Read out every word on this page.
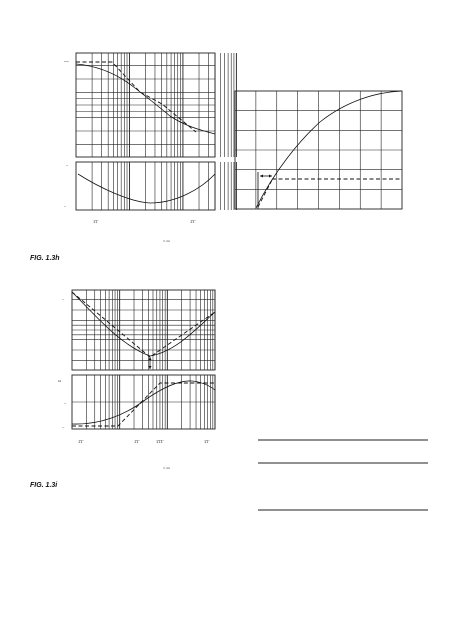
ــــ
–
–
1̅1̅	1̅1̅
= ω
FIG. 1.3h
–
ω
–
–
1̅1̅	1̅1̅	1̅1̅1̅	1̅1̅
= ω
FIG. 1.3i
